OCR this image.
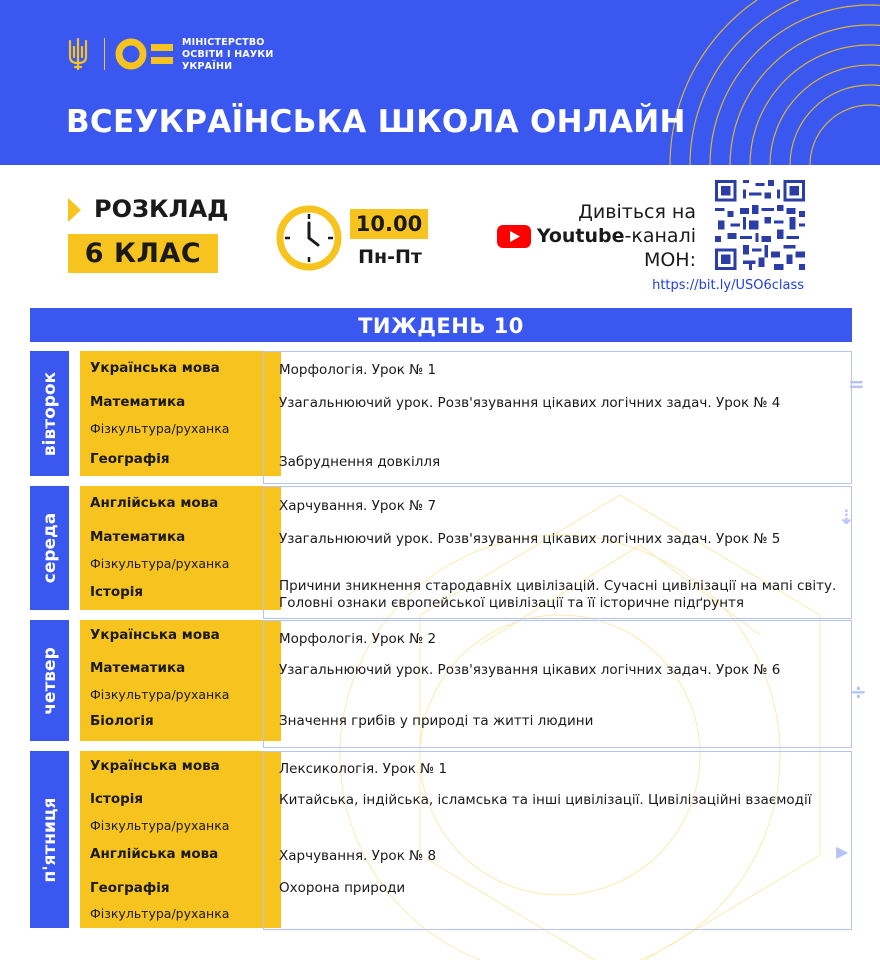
МІНІСТЕРСТВО
ОСВІТИ І НАУКИ
УКРАЇНИ
ВСЕУКРАЇНСЬКА ШКОЛА ОНЛАЙН
РОЗКЛАД
6 КЛАС
10.00
Пн-Пт
Дивіться на
Youtube-каналі
МОН:
https://bit.ly/USO6class
ТИЖДЕНЬ 10
вівторок
Українська мова
Математика
Фізкультура/руханка
Географія
Морфологія. Урок № 1
Узагальнюючий урок. Розв'язування цікавих логічних задач. Урок № 4
Забруднення довкілля
середа
Англійська мова
Математика
Фізкультура/руханка
Історія
Харчування. Урок № 7
Узагальнюючий урок. Розв'язування цікавих логічних задач. Урок № 5
Причини зникнення стародавніх цивілізацій. Сучасні цивілізації на мапі світу. Головні ознаки європейської цивілізації та її історичне підґрунтя
четвер
Українська мова
Математика
Фізкультура/руханка
Біологія
Морфологія. Урок № 2
Узагальнюючий урок. Розв'язування цікавих логічних задач. Урок № 6
Значення грибів у природі та житті людини
п'ятниця
Українська мова
Історія
Фізкультура/руханка
Англійська мова
Географія
Фізкультура/руханка
Лексикологія. Урок № 1
Китайська, індійська, ісламська та інші цивілізації. Цивілізаційні взаємодії
Харчування. Урок № 8
Охорона природи
=
⇣
÷
▶
